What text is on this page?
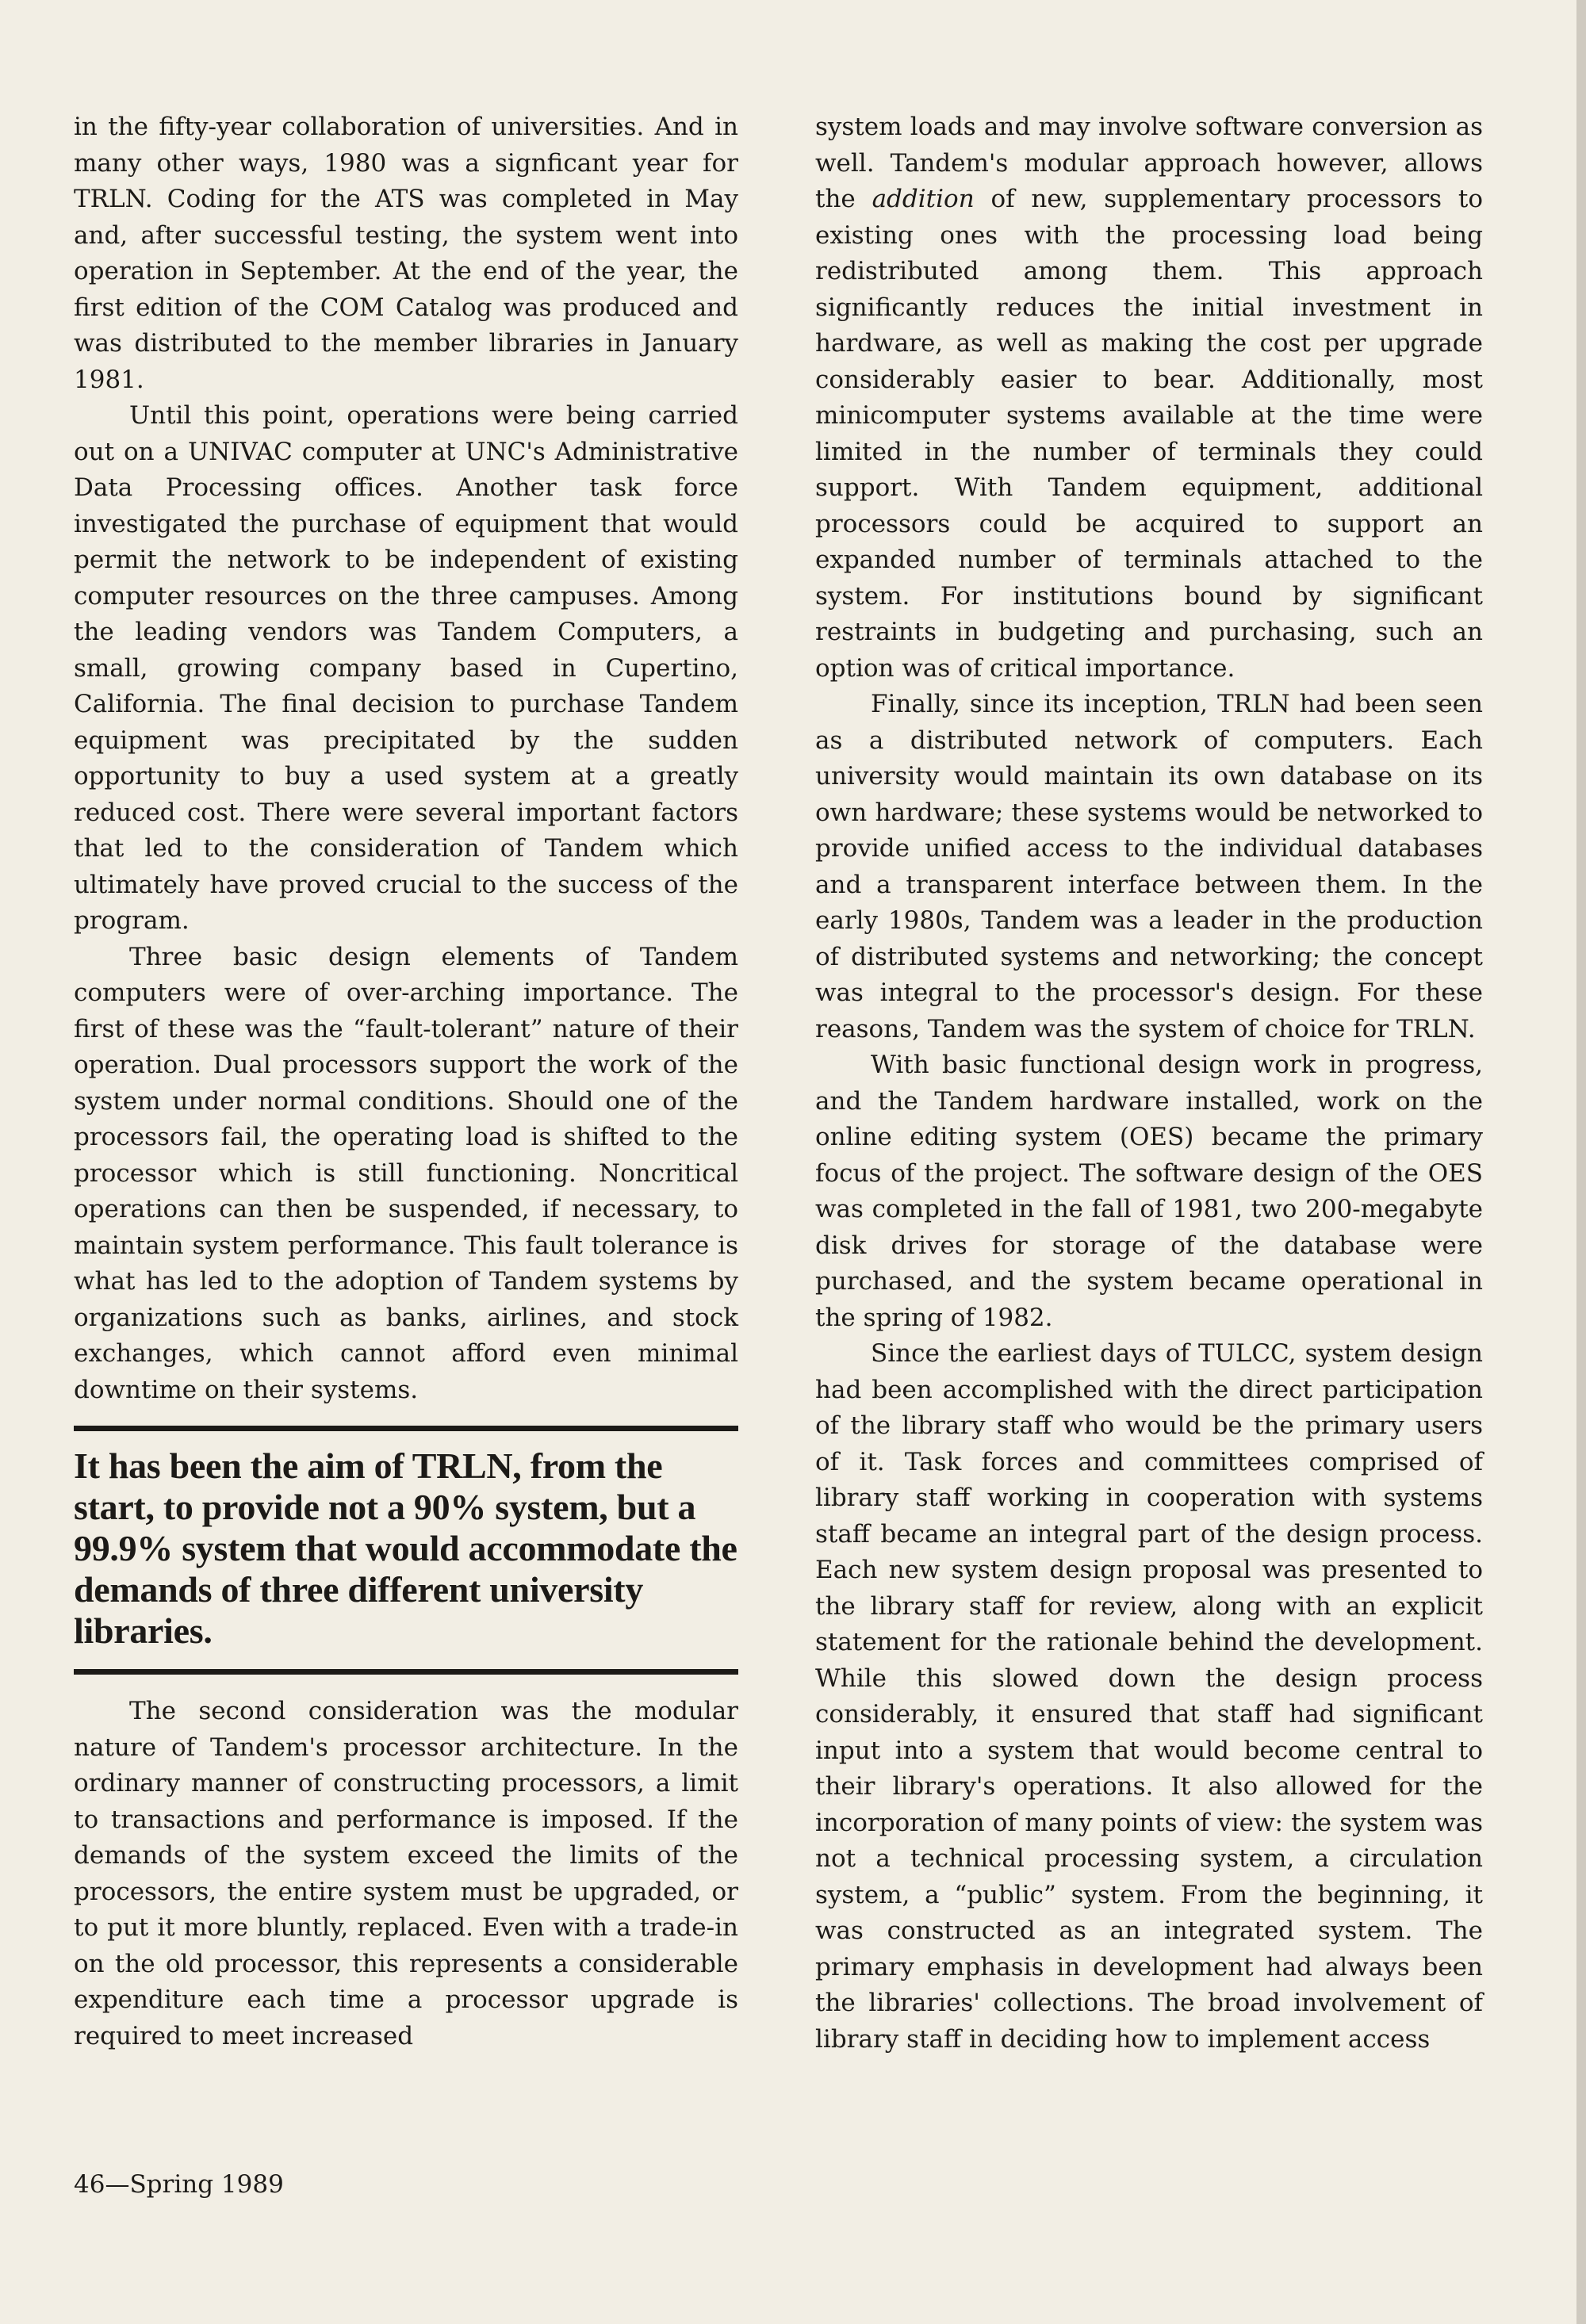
in the fifty-year collaboration of universities. And in many other ways, 1980 was a signficant year for TRLN. Coding for the ATS was completed in May and, after successful testing, the system went into operation in September. At the end of the year, the first edition of the COM Catalog was produced and was distributed to the member libraries in January 1981.

Until this point, operations were being carried out on a UNIVAC computer at UNC's Administrative Data Processing offices. Another task force investigated the purchase of equipment that would permit the network to be independent of existing computer resources on the three campuses. Among the leading vendors was Tandem Computers, a small, growing company based in Cupertino, California. The final decision to purchase Tandem equipment was precipitated by the sudden opportunity to buy a used system at a greatly reduced cost. There were several important factors that led to the consideration of Tandem which ultimately have proved crucial to the success of the program.

Three basic design elements of Tandem computers were of over-arching importance. The first of these was the “fault-tolerant” nature of their operation. Dual processors support the work of the system under normal conditions. Should one of the processors fail, the operating load is shifted to the processor which is still functioning. Noncritical operations can then be suspended, if necessary, to maintain system performance. This fault tolerance is what has led to the adoption of Tandem systems by organizations such as banks, airlines, and stock exchanges, which cannot afford even minimal downtime on their systems.

It has been the aim of TRLN, from the start, to provide not a 90% system, but a 99.9% system that would accommodate the demands of three different university libraries.

The second consideration was the modular nature of Tandem's processor architecture. In the ordinary manner of constructing processors, a limit to transactions and performance is imposed. If the demands of the system exceed the limits of the processors, the entire system must be upgraded, or to put it more bluntly, replaced. Even with a trade-in on the old processor, this represents a considerable expenditure each time a processor upgrade is required to meet increased

system loads and may involve software conversion as well. Tandem's modular approach however, allows the addition of new, supplementary processors to existing ones with the processing load being redistributed among them. This approach significantly reduces the initial investment in hardware, as well as making the cost per upgrade considerably easier to bear. Additionally, most minicomputer systems available at the time were limited in the number of terminals they could support. With Tandem equipment, additional processors could be acquired to support an expanded number of terminals attached to the system. For institutions bound by significant restraints in budgeting and purchasing, such an option was of critical importance.

Finally, since its inception, TRLN had been seen as a distributed network of computers. Each university would maintain its own database on its own hardware; these systems would be networked to provide unified access to the individual databases and a transparent interface between them. In the early 1980s, Tandem was a leader in the production of distributed systems and networking; the concept was integral to the processor's design. For these reasons, Tandem was the system of choice for TRLN.

With basic functional design work in progress, and the Tandem hardware installed, work on the online editing system (OES) became the primary focus of the project. The software design of the OES was completed in the fall of 1981, two 200-megabyte disk drives for storage of the database were purchased, and the system became operational in the spring of 1982.

Since the earliest days of TULCC, system design had been accomplished with the direct participation of the library staff who would be the primary users of it. Task forces and committees comprised of library staff working in cooperation with systems staff became an integral part of the design process. Each new system design proposal was presented to the library staff for review, along with an explicit statement for the rationale behind the development. While this slowed down the design process considerably, it ensured that staff had significant input into a system that would become central to their library's operations. It also allowed for the incorporation of many points of view: the system was not a technical processing system, a circulation system, a “public” system. From the beginning, it was constructed as an integrated system. The primary emphasis in development had always been the libraries' collections. The broad involvement of library staff in deciding how to implement access

46—Spring 1989
